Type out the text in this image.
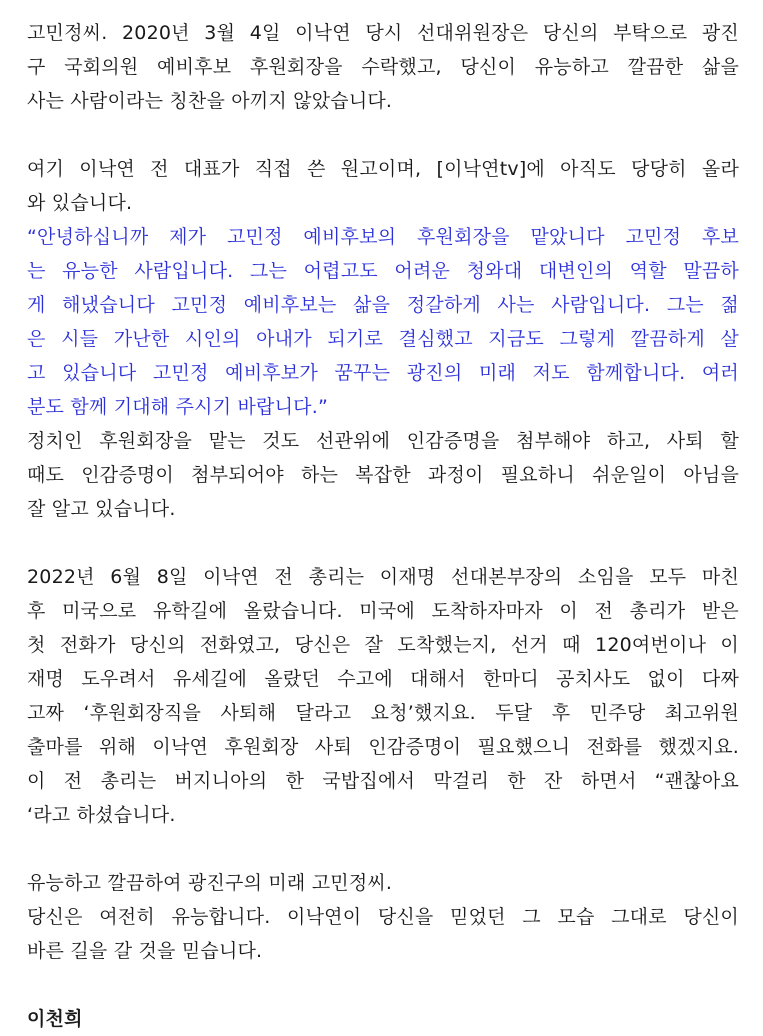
고민정씨. 2020년 3월 4일 이낙연 당시 선대위원장은 당신의 부탁으로 광진
구 국회의원 예비후보 후원회장을 수락했고, 당신이 유능하고 깔끔한 삶을
사는 사람이라는 칭찬을 아끼지 않았습니다.
여기 이낙연 전 대표가 직접 쓴 원고이며, [이낙연tv]에 아직도 당당히 올라
와 있습니다.
“안녕하십니까 제가 고민정 예비후보의 후원회장을 맡았니다 고민정 후보
는 유능한 사람입니다. 그는 어렵고도 어려운 청와대 대변인의 역할 말끔하
게 해냈습니다 고민정 예비후보는 삶을 정갈하게 사는 사람입니다. 그는 젊
은 시들 가난한 시인의 아내가 되기로 결심했고 지금도 그렇게 깔끔하게 살
고 있습니다 고민정 예비후보가 꿈꾸는 광진의 미래 저도 함께합니다. 여러
분도 함께 기대해 주시기 바랍니다.”
정치인 후원회장을 맡는 것도 선관위에 인감증명을 첨부해야 하고, 사퇴 할
때도 인감증명이 첨부되어야 하는 복잡한 과정이 필요하니 쉬운일이 아님을
잘 알고 있습니다.
2022년 6월 8일 이낙연 전 총리는 이재명 선대본부장의 소임을 모두 마친
후 미국으로 유학길에 올랐습니다. 미국에 도착하자마자 이 전 총리가 받은
첫 전화가 당신의 전화였고, 당신은 잘 도착했는지, 선거 때 120여번이나 이
재명 도우려서 유세길에 올랐던 수고에 대해서 한마디 공치사도 없이 다짜
고짜 ‘후원회장직을 사퇴해 달라고 요청’했지요. 두달 후 민주당 최고위원
출마를 위해 이낙연 후원회장 사퇴 인감증명이 필요했으니 전화를 했겠지요.
이 전 총리는 버지니아의 한 국밥집에서 막걸리 한 잔 하면서 “괜찮아요
‘라고 하셨습니다.
유능하고 깔끔하여 광진구의 미래 고민정씨.
당신은 여전히 유능합니다. 이낙연이 당신을 믿었던 그 모습 그대로 당신이
바른 길을 갈 것을 믿습니다.
이천희
